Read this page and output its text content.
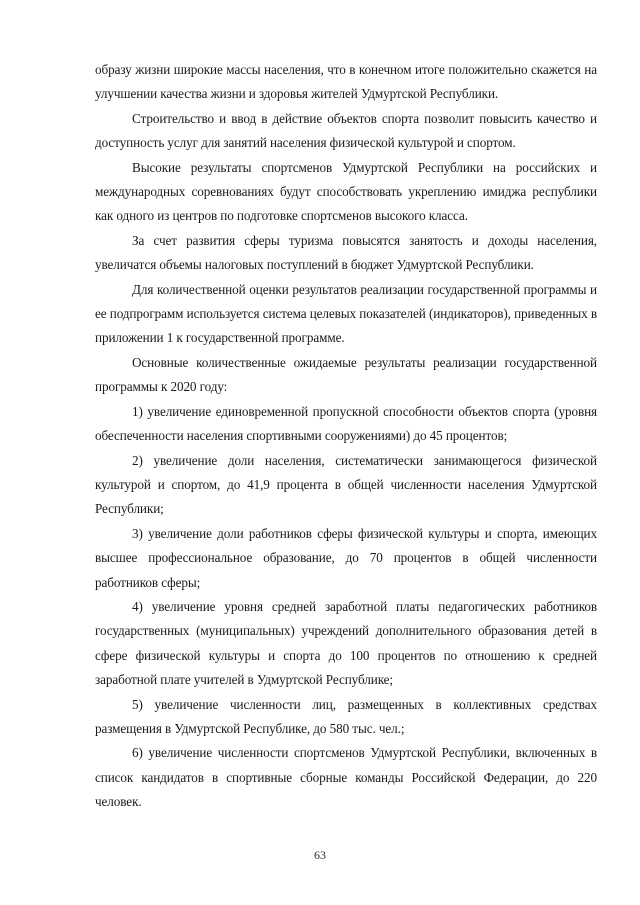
образу жизни широкие массы населения, что в конечном итоге положительно скажется на улучшении качества жизни и здоровья жителей Удмуртской Республики.

Строительство и ввод в действие объектов спорта позволит повысить качество и доступность услуг для занятий населения физической культурой и спортом.

Высокие результаты спортсменов Удмуртской Республики на российских и международных соревнованиях будут способствовать укреплению имиджа республики как одного из центров по подготовке спортсменов высокого класса.

За счет развития сферы туризма повысятся занятость и доходы населения, увеличатся объемы налоговых поступлений в бюджет Удмуртской Республики.

Для количественной оценки результатов реализации государственной программы и ее подпрограмм используется система целевых показателей (индикаторов), приведенных в приложении 1 к государственной программе.

Основные количественные ожидаемые результаты реализации государственной программы к 2020 году:

1) увеличение единовременной пропускной способности объектов спорта (уровня обеспеченности населения спортивными сооружениями) до 45 процентов;

2) увеличение доли населения, систематически занимающегося физической культурой и спортом, до 41,9 процента в общей численности населения Удмуртской Республики;

3) увеличение доли работников сферы физической культуры и спорта, имеющих высшее профессиональное образование, до 70 процентов в общей численности работников сферы;

4) увеличение уровня средней заработной платы педагогических работников государственных (муниципальных) учреждений дополнительного образования детей в сфере физической культуры и спорта до 100 процентов по отношению к средней заработной плате учителей в Удмуртской Республике;

5) увеличение численности лиц, размещенных в коллективных средствах размещения в Удмуртской Республике, до 580 тыс. чел.;

6) увеличение численности спортсменов Удмуртской Республики, включенных в список кандидатов в спортивные сборные команды Российской Федерации, до 220 человек.

63
